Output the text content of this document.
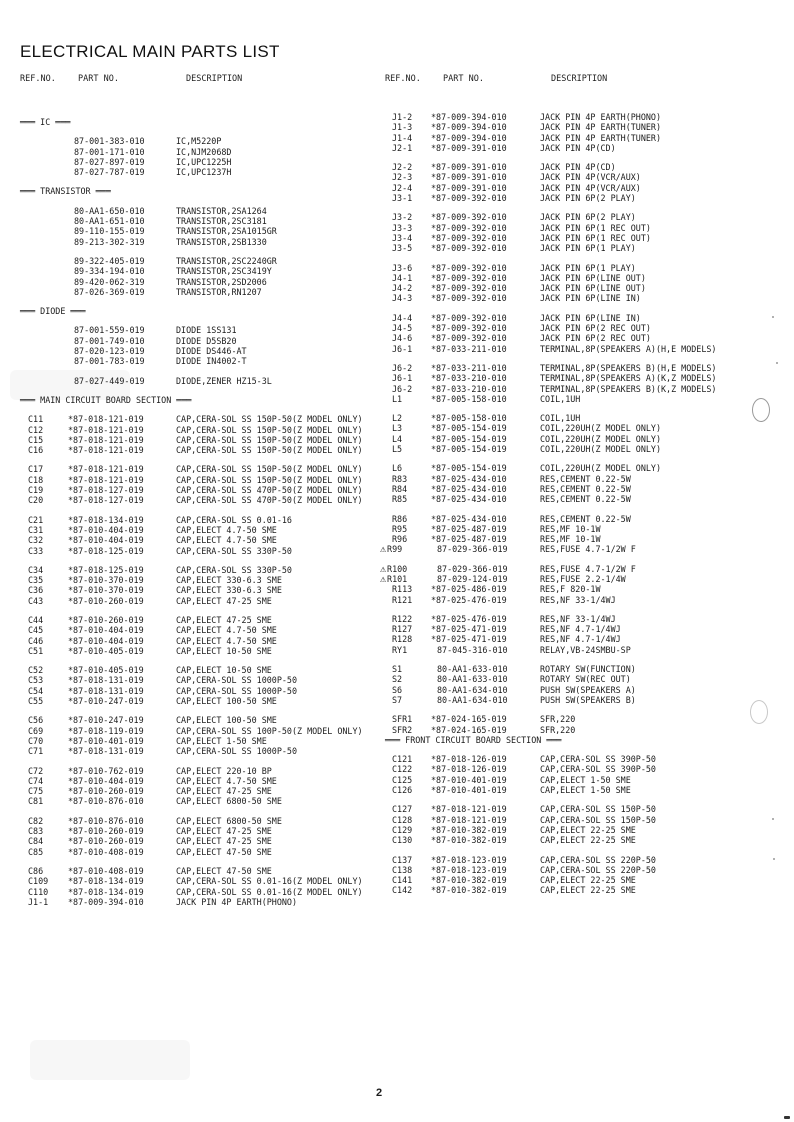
ELECTRICAL MAIN PARTS LIST
REF.NO.	PART NO.	DESCRIPTION	REF.NO.	PART NO.	DESCRIPTION
═══ IC ═══
87-001-383-010	IC,M5220P
87-001-171-010	IC,NJM2068D
87-027-897-019	IC,UPC1225H
87-027-787-019	IC,UPC1237H
═══ TRANSISTOR ═══
80-AA1-650-010	TRANSISTOR,2SA1264
80-AA1-651-010	TRANSISTOR,2SC3181
89-110-155-019	TRANSISTOR,2SA1015GR
89-213-302-319	TRANSISTOR,2SB1330
89-322-405-019	TRANSISTOR,2SC2240GR
89-334-194-010	TRANSISTOR,2SC3419Y
89-420-062-319	TRANSISTOR,2SD2006
87-026-369-019	TRANSISTOR,RN1207
═══ DIODE ═══
87-001-559-019	DIODE 1SS131
87-001-749-010	DIODE D5SB20
87-020-123-019	DIODE DS446-AT
87-001-783-019	DIODE IN4002-T
87-027-449-019	DIODE,ZENER HZ15-3L
═══ MAIN CIRCUIT BOARD SECTION ═══
C11	*87-018-121-019	CAP,CERA-SOL SS 150P-50(Z MODEL ONLY)
C12	*87-018-121-019	CAP,CERA-SOL SS 150P-50(Z MODEL ONLY)
C15	*87-018-121-019	CAP,CERA-SOL SS 150P-50(Z MODEL ONLY)
C16	*87-018-121-019	CAP,CERA-SOL SS 150P-50(Z MODEL ONLY)
C17	*87-018-121-019	CAP,CERA-SOL SS 150P-50(Z MODEL ONLY)
C18	*87-018-121-019	CAP,CERA-SOL SS 150P-50(Z MODEL ONLY)
C19	*87-018-127-019	CAP,CERA-SOL SS 470P-50(Z MODEL ONLY)
C20	*87-018-127-019	CAP,CERA-SOL SS 470P-50(Z MODEL ONLY)
C21	*87-018-134-019	CAP,CERA-SOL SS 0.01-16
C31	*87-010-404-019	CAP,ELECT 4.7-50 SME
C32	*87-010-404-019	CAP,ELECT 4.7-50 SME
C33	*87-018-125-019	CAP,CERA-SOL SS 330P-50
C34	*87-018-125-019	CAP,CERA-SOL SS 330P-50
C35	*87-010-370-019	CAP,ELECT 330-6.3 SME
C36	*87-010-370-019	CAP,ELECT 330-6.3 SME
C43	*87-010-260-019	CAP,ELECT 47-25 SME
C44	*87-010-260-019	CAP,ELECT 47-25 SME
C45	*87-010-404-019	CAP,ELECT 4.7-50 SME
C46	*87-010-404-019	CAP,ELECT 4.7-50 SME
C51	*87-010-405-019	CAP,ELECT 10-50 SME
C52	*87-010-405-019	CAP,ELECT 10-50 SME
C53	*87-018-131-019	CAP,CERA-SOL SS 1000P-50
C54	*87-018-131-019	CAP,CERA-SOL SS 1000P-50
C55	*87-010-247-019	CAP,ELECT 100-50 SME
C56	*87-010-247-019	CAP,ELECT 100-50 SME
C69	*87-018-119-019	CAP,CERA-SOL SS 100P-50(Z MODEL ONLY)
C70	*87-010-401-019	CAP,ELECT 1-50 SME
C71	*87-018-131-019	CAP,CERA-SOL SS 1000P-50
C72	*87-010-762-019	CAP,ELECT 220-10 BP
C74	*87-010-404-019	CAP,ELECT 4.7-50 SME
C75	*87-010-260-019	CAP,ELECT 47-25 SME
C81	*87-010-876-010	CAP,ELECT 6800-50 SME
C82	*87-010-876-010	CAP,ELECT 6800-50 SME
C83	*87-010-260-019	CAP,ELECT 47-25 SME
C84	*87-010-260-019	CAP,ELECT 47-25 SME
C85	*87-010-408-019	CAP,ELECT 47-50 SME
C86	*87-010-408-019	CAP,ELECT 47-50 SME
C109 *87-018-134-019	CAP,CERA-SOL SS 0.01-16(Z MODEL ONLY)
C110 *87-018-134-019	CAP,CERA-SOL SS 0.01-16(Z MODEL ONLY)
J1-1 *87-009-394-010	JACK PIN 4P EARTH(PHONO)
J1-2 *87-009-394-010	JACK PIN 4P EARTH(PHONO)
J1-3 *87-009-394-010	JACK PIN 4P EARTH(TUNER)
J1-4 *87-009-394-010	JACK PIN 4P EARTH(TUNER)
J2-1 *87-009-391-010	JACK PIN 4P(CD)
J2-2 *87-009-391-010	JACK PIN 4P(CD)
J2-3 *87-009-391-010	JACK PIN 4P(VCR/AUX)
J2-4 *87-009-391-010	JACK PIN 4P(VCR/AUX)
J3-1 *87-009-392-010	JACK PIN 6P(2 PLAY)
J3-2 *87-009-392-010	JACK PIN 6P(2 PLAY)
J3-3 *87-009-392-010	JACK PIN 6P(1 REC OUT)
J3-4 *87-009-392-010	JACK PIN 6P(1 REC OUT)
J3-5 *87-009-392-010	JACK PIN 6P(1 PLAY)
J3-6 *87-009-392-010	JACK PIN 6P(1 PLAY)
J4-1 *87-009-392-010	JACK PIN 6P(LINE OUT)
J4-2 *87-009-392-010	JACK PIN 6P(LINE OUT)
J4-3 *87-009-392-010	JACK PIN 6P(LINE IN)
J4-4 *87-009-392-010	JACK PIN 6P(LINE IN)
J4-5 *87-009-392-010	JACK PIN 6P(2 REC OUT)
J4-6 *87-009-392-010	JACK PIN 6P(2 REC OUT)
J6-1 *87-033-211-010	TERMINAL,8P(SPEAKERS A)(H,E MODELS)
J6-2 *87-033-211-010	TERMINAL,8P(SPEAKERS B)(H,E MODELS)
J6-1 *87-033-210-010	TERMINAL,8P(SPEAKERS A)(K,Z MODELS)
J6-2 *87-033-210-010	TERMINAL,8P(SPEAKERS B)(K,Z MODELS)
L1	*87-005-158-010	COIL,1UH
L2	*87-005-158-010	COIL,1UH
L3	*87-005-154-019	COIL,220UH(Z MODEL ONLY)
L4	*87-005-154-019	COIL,220UH(Z MODEL ONLY)
L5	*87-005-154-019	COIL,220UH(Z MODEL ONLY)
L6	*87-005-154-019	COIL,220UH(Z MODEL ONLY)
R83	*87-025-434-010	RES,CEMENT 0.22-5W
R84	*87-025-434-010	RES,CEMENT 0.22-5W
R85	*87-025-434-010	RES,CEMENT 0.22-5W
R86	*87-025-434-010	RES,CEMENT 0.22-5W
R95	*87-025-487-019	RES,MF 10-1W
R96	*87-025-487-019	RES,MF 10-1W
⚠R99	87-029-366-019	RES,FUSE 4.7-1/2W F
⚠R100	87-029-366-019	RES,FUSE 4.7-1/2W F
⚠R101	87-029-124-019	RES,FUSE 2.2-1/4W
R113 *87-025-486-019	RES,F 820-1W
R121 *87-025-476-019	RES,NF 33-1/4WJ
R122 *87-025-476-019	RES,NF 33-1/4WJ
R127 *87-025-471-019	RES,NF 4.7-1/4WJ
R128 *87-025-471-019	RES,NF 4.7-1/4WJ
RY1	87-045-316-010	RELAY,VB-24SMBU-SP
S1	80-AA1-633-010	ROTARY SW(FUNCTION)
S2	80-AA1-633-010	ROTARY SW(REC OUT)
S6	80-AA1-634-010	PUSH SW(SPEAKERS A)
S7	80-AA1-634-010	PUSH SW(SPEAKERS B)
SFR1 *87-024-165-019	SFR,220
SFR2 *87-024-165-019	SFR,220
═══ FRONT CIRCUIT BOARD SECTION ═══
C121 *87-018-126-019	CAP,CERA-SOL SS 390P-50
C122 *87-018-126-019	CAP,CERA-SOL SS 390P-50
C125 *87-010-401-019	CAP,ELECT 1-50 SME
C126 *87-010-401-019	CAP,ELECT 1-50 SME
C127 *87-018-121-019	CAP,CERA-SOL SS 150P-50
C128 *87-018-121-019	CAP,CERA-SOL SS 150P-50
C129 *87-010-382-019	CAP,ELECT 22-25 SME
C130 *87-010-382-019	CAP,ELECT 22-25 SME
C137 *87-018-123-019	CAP,CERA-SOL SS 220P-50
C138 *87-018-123-019	CAP,CERA-SOL SS 220P-50
C141 *87-010-382-019	CAP,ELECT 22-25 SME
C142 *87-010-382-019	CAP,ELECT 22-25 SME
2
